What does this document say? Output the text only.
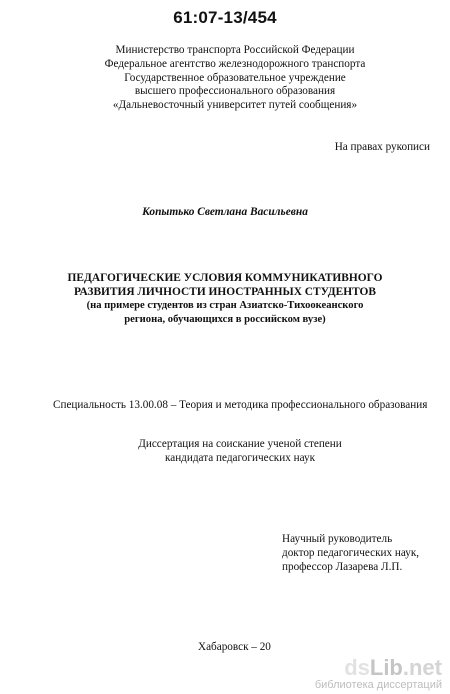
61:07-13/454
Министерство транспорта Российской Федерации
Федеральное агентство железнодорожного транспорта
Государственное образовательное учреждение
высшего профессионального образования
«Дальневосточный университет путей сообщения»
На правах рукописи
Копытько Светлана Васильевна
ПЕДАГОГИЧЕСКИЕ УСЛОВИЯ КОММУНИКАТИВНОГО
РАЗВИТИЯ ЛИЧНОСТИ ИНОСТРАННЫХ СТУДЕНТОВ
(на примере студентов из стран Азиатско-Тихоокеанского
региона, обучающихся в российском вузе)
Специальность 13.00.08 – Теория и методика профессионального образования
Диссертация на соискание ученой степени
кандидата педагогических наук
Научный руководитель
доктор педагогических наук,
профессор Лазарева Л.П.
Хабаровск – 20
dsLib.net
библиотека диссертаций
